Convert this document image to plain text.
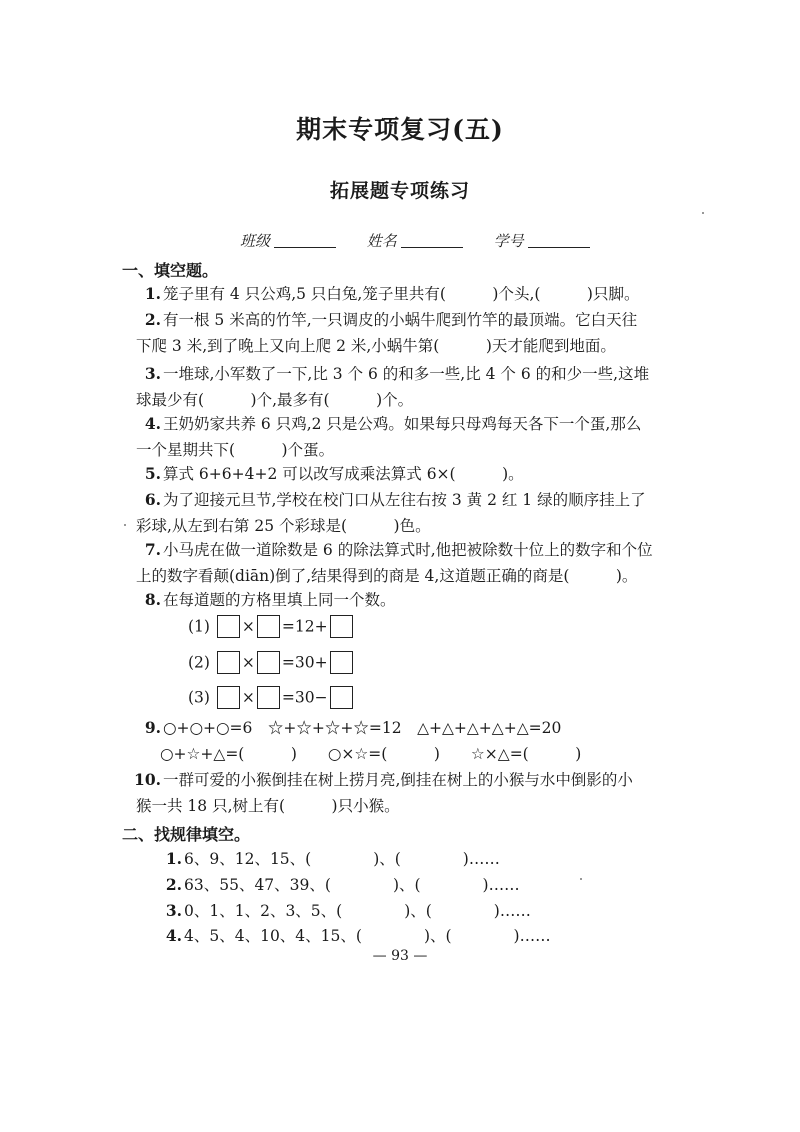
期末专项复习(五)
拓展题专项练习
班级	姓名	学号
一、填空题。
1. 笼子里有 4 只公鸡,5 只白兔,笼子里共有(　　　)个头,(　　　)只脚。
2. 有一根 5 米高的竹竿,一只调皮的小蜗牛爬到竹竿的最顶端。它白天往
下爬 3 米,到了晚上又向上爬 2 米,小蜗牛第(　　　)天才能爬到地面。
3. 一堆球,小军数了一下,比 3 个 6 的和多一些,比 4 个 6 的和少一些,这堆
球最少有(　　　)个,最多有(　　　)个。
4. 王奶奶家共养 6 只鸡,2 只是公鸡。如果每只母鸡每天各下一个蛋,那么
一个星期共下(　　　)个蛋。
5. 算式 6+6+4+2 可以改写成乘法算式 6×(　　　)。
6. 为了迎接元旦节,学校在校门口从左往右按 3 黄 2 红 1 绿的顺序挂上了
彩球,从左到右第 25 个彩球是(　　　)色。
7. 小马虎在做一道除数是 6 的除法算式时,他把被除数十位上的数字和个位
上的数字看颠(diān)倒了,结果得到的商是 4,这道题正确的商是(　　　)。
8. 在每道题的方格里填上同一个数。
(1) × =12+
(2) × =30+
(3) × =30−
9. ○+○+○=6　☆+☆+☆+☆=12　△+△+△+△+△=20
○+☆+△=(　　　)　　○×☆=(　　　)　　☆×△=(　　　)
10. 一群可爱的小猴倒挂在树上捞月亮,倒挂在树上的小猴与水中倒影的小
猴一共 18 只,树上有(　　　)只小猴。
二、找规律填空。
1. 6、9、12、15、(　　　　)、(　　　　)……
2. 63、55、47、39、(　　　　)、(　　　　)……
3. 0、1、1、2、3、5、(　　　　)、(　　　　)……
4. 4、5、4、10、4、15、(　　　　)、(　　　　)……
— 93 —
